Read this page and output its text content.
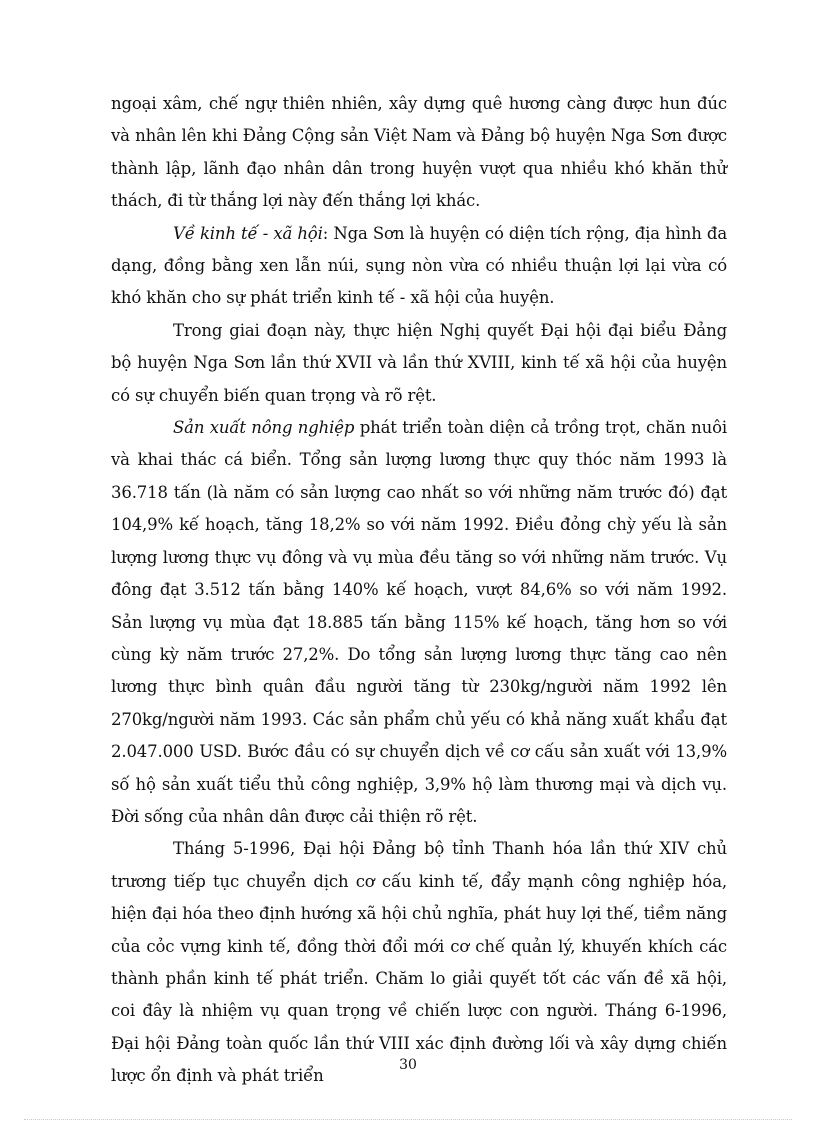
ngoại xâm, chế ngự thiên nhiên, xây dựng quê hương càng được hun đúc và nhân lên khi Đảng Cộng sản Việt Nam và Đảng bộ huyện Nga Sơn được thành lập, lãnh đạo nhân dân trong huyện vượt qua nhiều khó khăn thử thách, đi từ thắng lợi này đến thắng lợi khác.

Về kinh tế - xã hội: Nga Sơn là huyện có diện tích rộng, địa hình đa dạng, đồng bằng xen lẫn núi, sụng nòn vừa có nhiều thuận lợi lại vừa có khó khăn cho sự phát triển kinh tế - xã hội của huyện.

Trong giai đoạn này, thực hiện Nghị quyết Đại hội đại biểu Đảng bộ huyện Nga Sơn lần thứ XVII và lần thứ XVIII, kinh tế xã hội của huyện có sự chuyển biến quan trọng và rõ rệt.

Sản xuất nông nghiệp phát triển toàn diện cả trồng trọt, chăn nuôi và khai thác cá biển. Tổng sản lượng lương thực quy thóc năm 1993 là 36.718 tấn (là năm có sản lượng cao nhất so với những năm trước đó) đạt 104,9% kế hoạch, tăng 18,2% so với năm 1992. Điều đỏng chỳ yếu là sản lượng lương thực vụ đông và vụ mùa đều tăng so với những năm trước. Vụ đông đạt 3.512 tấn bằng 140% kế hoạch, vượt 84,6% so với năm 1992. Sản lượng vụ mùa đạt 18.885 tấn bằng 115% kế hoạch, tăng hơn so với cùng kỳ năm trước 27,2%. Do tổng sản lượng lương thực tăng cao nên lương thực bình quân đầu người tăng từ 230kg/người năm 1992 lên 270kg/người năm 1993. Các sản phẩm chủ yếu có khả năng xuất khẩu đạt 2.047.000 USD. Bước đầu có sự chuyển dịch về cơ cấu sản xuất với 13,9% số hộ sản xuất tiểu thủ công nghiệp, 3,9% hộ làm thương mại và dịch vụ. Đời sống của nhân dân được cải thiện rõ rệt.

Tháng 5-1996, Đại hội Đảng bộ tỉnh Thanh hóa lần thứ XIV chủ trương tiếp tục chuyển dịch cơ cấu kinh tế, đẩy mạnh công nghiệp hóa, hiện đại hóa theo định hướng xã hội chủ nghĩa, phát huy lợi thế, tiềm năng của cỏc vựng kinh tế, đồng thời đổi mới cơ chế quản lý, khuyến khích các thành phần kinh tế phát triển. Chăm lo giải quyết tốt các vấn đề xã hội, coi đây là nhiệm vụ quan trọng về chiến lược con người. Tháng 6-1996, Đại hội Đảng toàn quốc lần thứ VIII xác định đường lối và xây dựng chiến lược ổn định và phát triển

30
